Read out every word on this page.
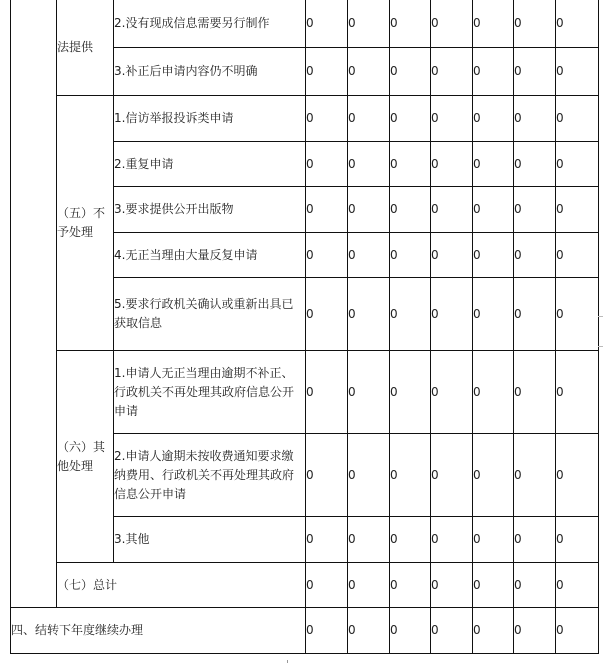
	法提供	2.没有现成信息需要另行制作	0	0	0	0	0	0	0
		3.补正后申请内容仍不明确	0	0	0	0	0	0	0
	（五）不予处理	1.信访举报投诉类申请	0	0	0	0	0	0	0
		2.重复申请	0	0	0	0	0	0	0
		3.要求提供公开出版物	0	0	0	0	0	0	0
		4.无正当理由大量反复申请	0	0	0	0	0	0	0
		5.要求行政机关确认或重新出具已获取信息	0	0	0	0	0	0	0
	（六）其他处理	1.申请人无正当理由逾期不补正、行政机关不再处理其政府信息公开申请	0	0	0	0	0	0	0
		2.申请人逾期未按收费通知要求缴纳费用、行政机关不再处理其政府信息公开申请	0	0	0	0	0	0	0
		3.其他	0	0	0	0	0	0	0
	（七）总计		0	0	0	0	0	0	0
四、结转下年度继续办理			0	0	0	0	0	0	0
